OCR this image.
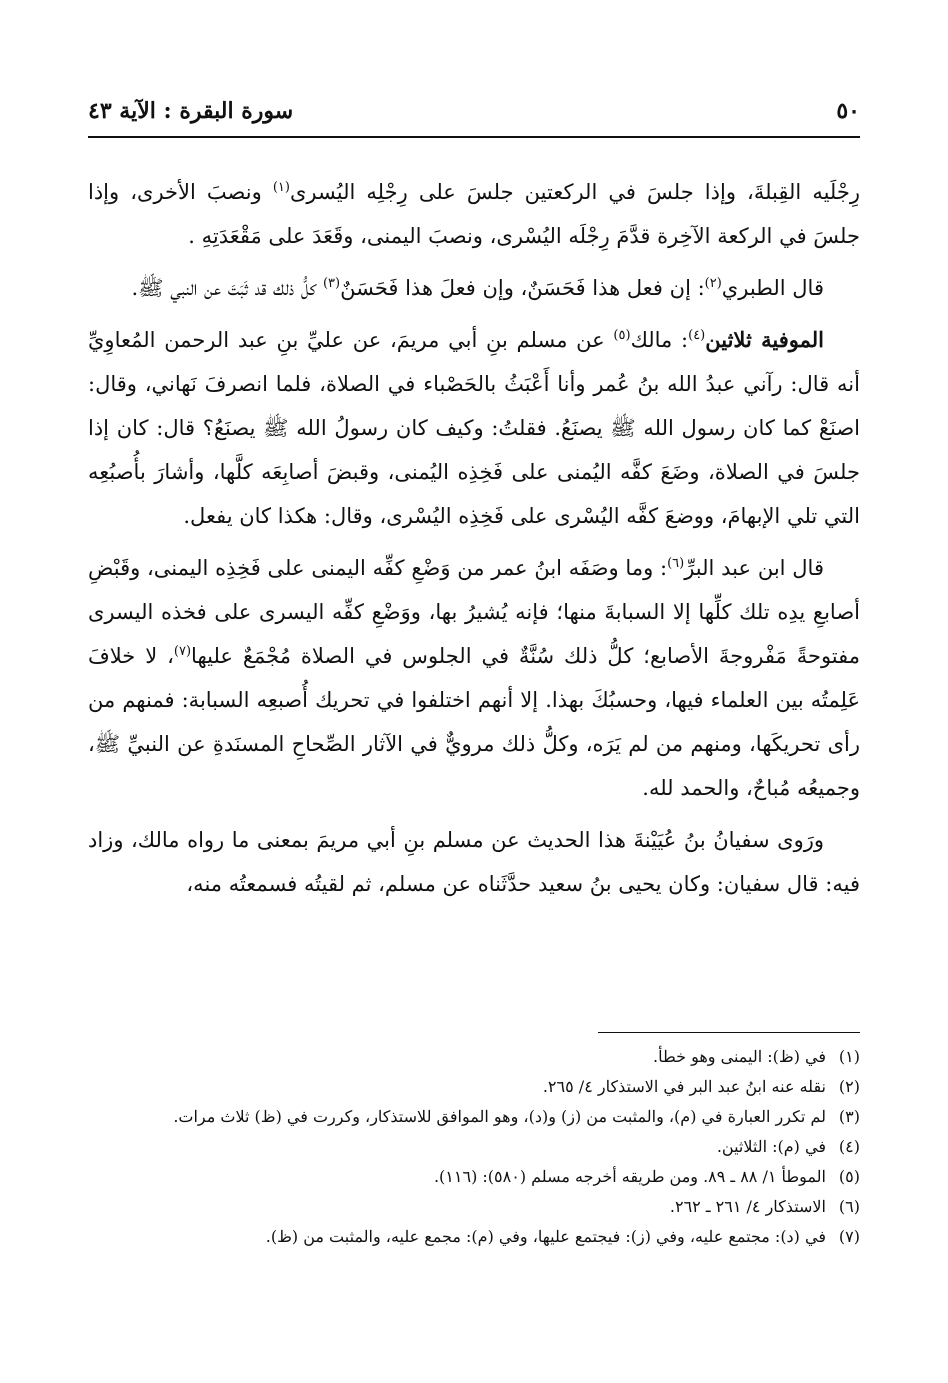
٥٠
سورة البقرة : الآية ٤٣

رِجْلَيه القِبلةَ، وإذا جلسَ في الركعتين جلسَ على رِجْلِه اليُسرى$^{(١)}$ ونصبَ الأخرى، وإذا جلسَ في الركعة الآخِرة قدَّمَ رِجْلَه اليُسْرى، ونصبَ اليمنى، وقَعَدَ على مَقْعَدَتِهِ .

قال الطبري$^{(٢)}$: إن فعل هذا فَحَسَنٌ، وإن فعلَ هذا فَحَسَنٌ$^{(٣)}$ كلُّ ذلك قد ثَبَتَ عن النبي ﷺ.

الموفية ثلاثين$^{(٤)}$: مالك$^{(٥)}$ عن مسلم بنِ أبي مريمَ، عن عليِّ بنِ عبد الرحمن المُعاوِيِّ أنه قال: رآني عبدُ الله بنُ عُمر وأنا أَعْبَثُ بالحَصْباء في الصلاة، فلما انصرفَ نَهاني، وقال: اصنَعْ كما كان رسول الله ﷺ يصنَعُ. فقلتُ: وكيف كان رسولُ الله ﷺ يصنَعُ؟ قال: كان إذا جلسَ في الصلاة، وضَعَ كفَّه اليُمنى على فَخِذِه اليُمنى، وقبضَ أصابِعَه كلَّها، وأشارَ بأُصبُعِه التي تلي الإبهامَ، ووضعَ كفَّه اليُسْرى على فَخِذِه اليُسْرى، وقال: هكذا كان يفعل.

قال ابن عبد البرِّ$^{(٦)}$: وما وصَفَه ابنُ عمر من وَضْعِ كفِّه اليمنى على فَخِذِه اليمنى، وقَبْضِ أصابعِ يدِه تلك كلِّها إلا السبابةَ منها؛ فإنه يُشيرُ بها، ووَضْعِ كفِّه اليسرى على فخذه اليسرى مفتوحةً مَفْروجةَ الأصابع؛ كلُّ ذلك سُنَّةٌ في الجلوس في الصلاة مُجْمَعٌ عليها$^{(٧)}$، لا خلافَ عَلِمتُه بين العلماء فيها، وحسبُكَ بهذا. إلا أنهم اختلفوا في تحريك أُصبعِه السبابة: فمنهم من رأى تحريكَها، ومنهم من لم يَرَه، وكلُّ ذلك مرويٌّ في الآثار الصِّحاحِ المسنَدةِ عن النبيِّ ﷺ، وجميعُه مُباحٌ، والحمد لله.

ورَوى سفيانُ بنُ عُيَيْنةَ هذا الحديث عن مسلم بنِ أبي مريمَ بمعنى ما رواه مالك، وزاد فيه: قال سفيان: وكان يحيى بنُ سعيد حدَّثَناه عن مسلم، ثم لقيتُه فسمعتُه منه،

(١)
في (ظ): اليمنى وهو خطأ.
(٢)
نقله عنه ابنُ عبد البر في الاستذكار ٤/ ٢٦٥.
(٣)
لم تكرر العبارة في (م)، والمثبت من (ز) و(د)، وهو الموافق للاستذكار، وكررت في (ظ) ثلاث مرات.
(٤)
في (م): الثلاثين.
(٥)
الموطأ ١/ ٨٨ ـ ٨٩. ومن طريقه أخرجه مسلم (٥٨٠): (١١٦).
(٦)
الاستذكار ٤/ ٢٦١ ـ ٢٦٢.
(٧)
في (د): مجتمع عليه، وفي (ز): فيجتمع عليها، وفي (م): مجمع عليه، والمثبت من (ظ).
